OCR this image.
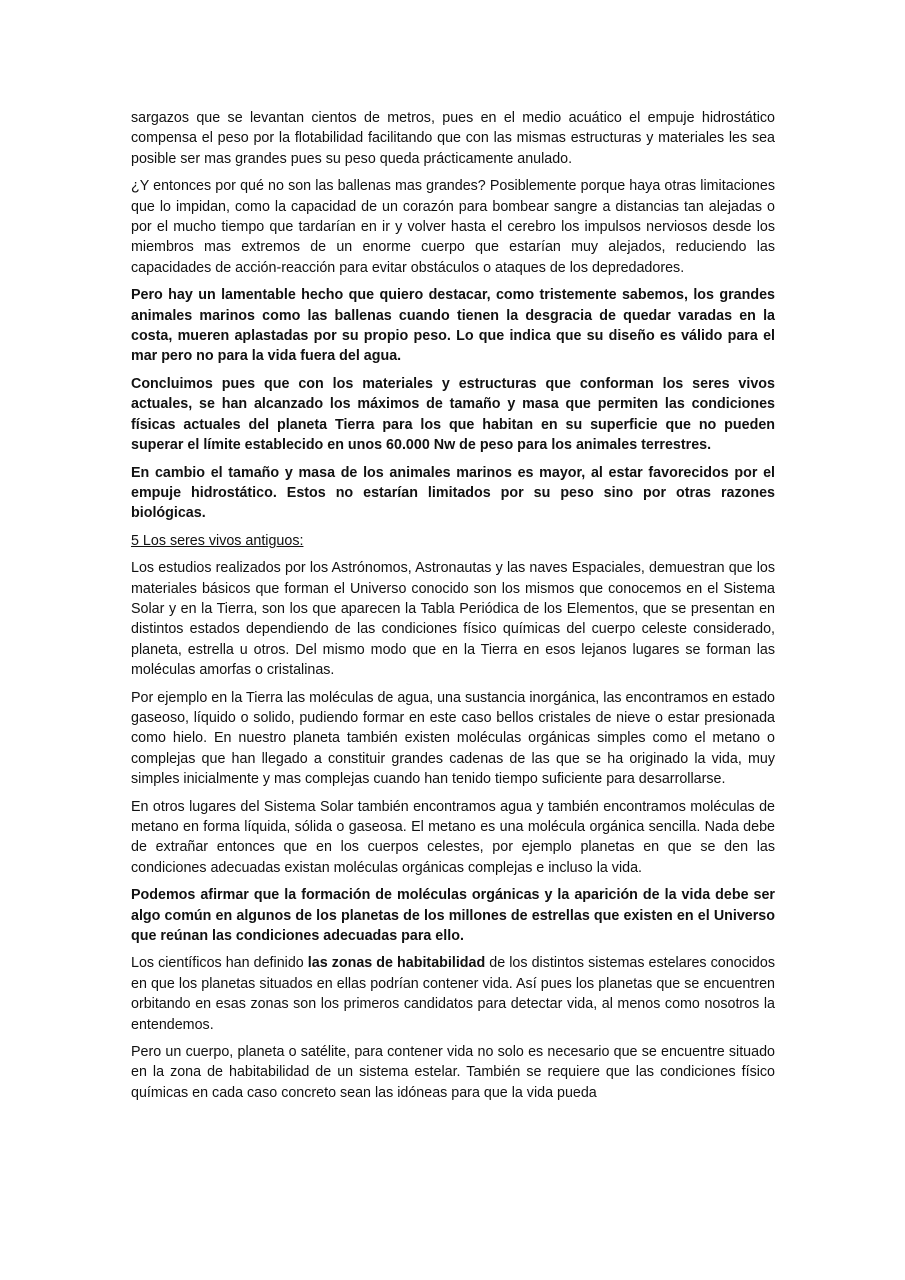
sargazos que se levantan cientos de metros, pues en el medio acuático el empuje hidrostático compensa el peso por la flotabilidad facilitando que con las mismas estructuras y materiales les sea posible ser mas grandes pues su peso queda prácticamente anulado.

¿Y entonces por qué no son las ballenas mas grandes? Posiblemente porque haya otras limitaciones que lo impidan, como la capacidad de un corazón para bombear sangre a distancias tan alejadas o por el mucho tiempo que tardarían en ir y volver hasta el cerebro los impulsos nerviosos desde los miembros mas extremos de un enorme cuerpo que estarían muy alejados, reduciendo las capacidades de acción-reacción para evitar obstáculos o ataques de los depredadores.

Pero hay un lamentable hecho que quiero destacar, como tristemente sabemos, los grandes animales marinos como las ballenas cuando tienen la desgracia de quedar varadas en la costa, mueren aplastadas por su propio peso. Lo que indica que su diseño es válido para el mar pero no para la vida fuera del agua.

Concluimos pues que con los materiales y estructuras que conforman los seres vivos actuales, se han alcanzado los máximos de tamaño y masa que permiten las condiciones físicas actuales del planeta Tierra para los que habitan en su superficie que no pueden superar el límite establecido en unos 60.000 Nw de peso para los animales terrestres.

En cambio el tamaño y masa de los animales marinos es mayor, al estar favorecidos por el empuje hidrostático. Estos no estarían limitados por su peso sino por otras razones biológicas.

5 Los seres vivos antiguos:

Los estudios realizados por los Astrónomos, Astronautas y las naves Espaciales, demuestran que los materiales básicos que forman el Universo conocido son los mismos que conocemos en el Sistema Solar y en la Tierra, son los que aparecen la Tabla Periódica de los Elementos, que se presentan en distintos estados dependiendo de las condiciones físico químicas del cuerpo celeste considerado, planeta, estrella u otros. Del mismo modo que en la Tierra en esos lejanos lugares se forman las moléculas amorfas o cristalinas.

Por ejemplo en la Tierra las moléculas de agua, una sustancia inorgánica, las encontramos en estado gaseoso, líquido o solido, pudiendo formar en este caso bellos cristales de nieve o estar presionada como hielo. En nuestro planeta también existen moléculas orgánicas simples como el metano o complejas que han llegado a constituir grandes cadenas de las que se ha originado la vida, muy simples inicialmente y mas complejas cuando han tenido tiempo suficiente para desarrollarse.

En otros lugares del Sistema Solar también encontramos agua y también encontramos moléculas de metano en forma líquida, sólida o gaseosa. El metano es una molécula orgánica sencilla. Nada debe de extrañar entonces que en los cuerpos celestes, por ejemplo planetas en que se den las condiciones adecuadas existan moléculas orgánicas complejas e incluso la vida.

Podemos afirmar que la formación de moléculas orgánicas y la aparición de la vida debe ser algo común en algunos de los planetas de los millones de estrellas que existen en el Universo que reúnan las condiciones adecuadas para ello.

Los científicos han definido las zonas de habitabilidad de los distintos sistemas estelares conocidos en que los planetas situados en ellas podrían contener vida. Así pues los planetas que se encuentren orbitando en esas zonas son los primeros candidatos para detectar vida, al menos como nosotros la entendemos.

Pero un cuerpo, planeta o satélite, para contener vida no solo es necesario que se encuentre situado en la zona de habitabilidad de un sistema estelar. También se requiere que las condiciones físico químicas en cada caso concreto sean las idóneas para que la vida pueda
